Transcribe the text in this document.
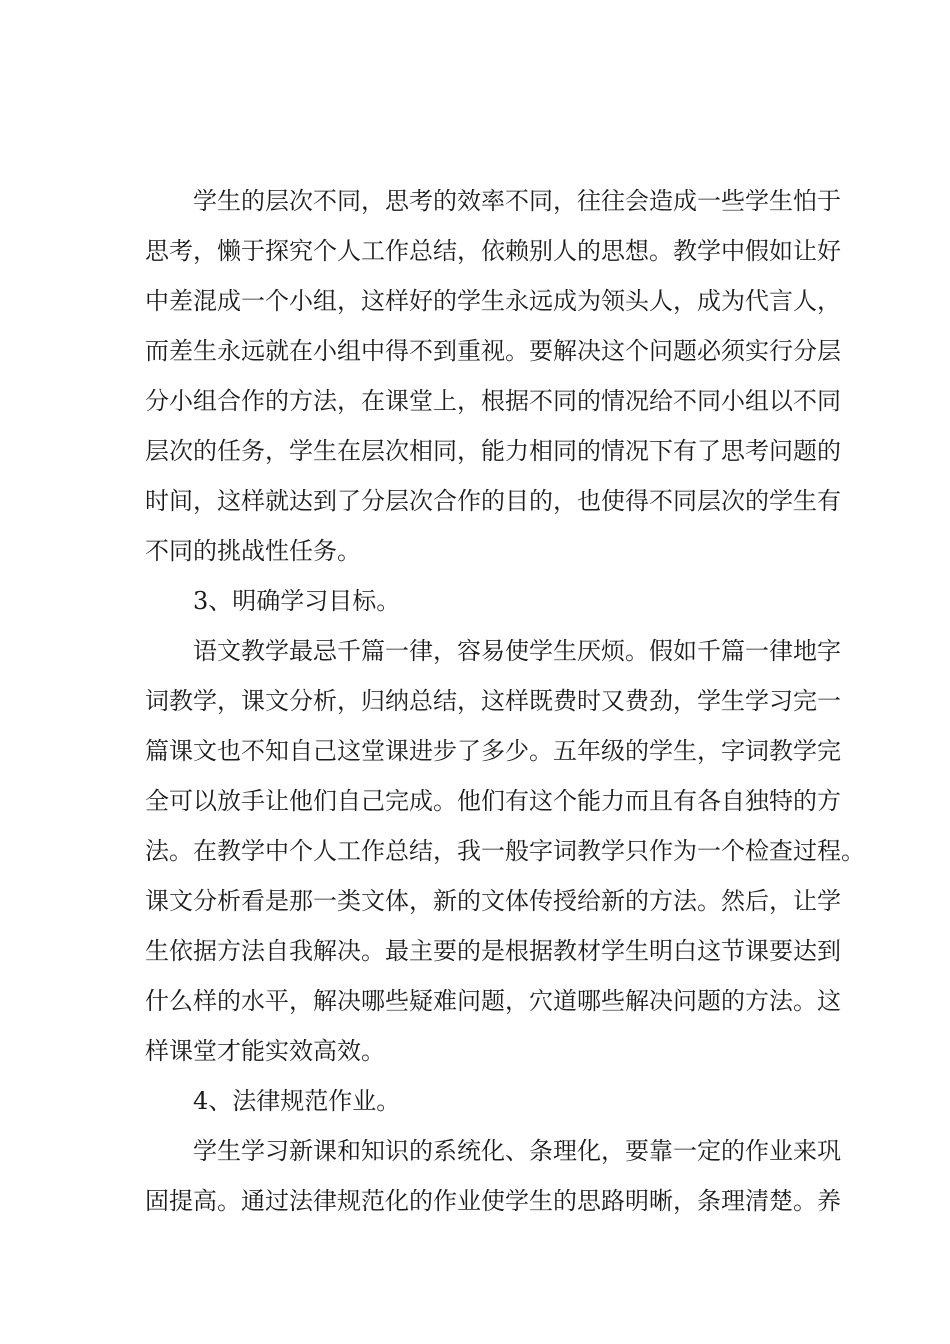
学生的层次不同，思考的效率不同，往往会造成一些学生怕于
思考，懒于探究个人工作总结，依赖别人的思想。教学中假如让好
中差混成一个小组，这样好的学生永远成为领头人，成为代言人，
而差生永远就在小组中得不到重视。要解决这个问题必须实行分层
分小组合作的方法，在课堂上，根据不同的情况给不同小组以不同
层次的任务，学生在层次相同，能力相同的情况下有了思考问题的
时间，这样就达到了分层次合作的目的，也使得不同层次的学生有
不同的挑战性任务。
3、明确学习目标。
语文教学最忌千篇一律，容易使学生厌烦。假如千篇一律地字
词教学，课文分析，归纳总结，这样既费时又费劲，学生学习完一
篇课文也不知自己这堂课进步了多少。五年级的学生，字词教学完
全可以放手让他们自己完成。他们有这个能力而且有各自独特的方
法。在教学中个人工作总结，我一般字词教学只作为一个检查过程。
课文分析看是那一类文体，新的文体传授给新的方法。然后，让学
生依据方法自我解决。最主要的是根据教材学生明白这节课要达到
什么样的水平，解决哪些疑难问题，穴道哪些解决问题的方法。这
样课堂才能实效高效。
4、法律规范作业。
学生学习新课和知识的系统化、条理化，要靠一定的作业来巩
固提高。通过法律规范化的作业使学生的思路明晰，条理清楚。养
